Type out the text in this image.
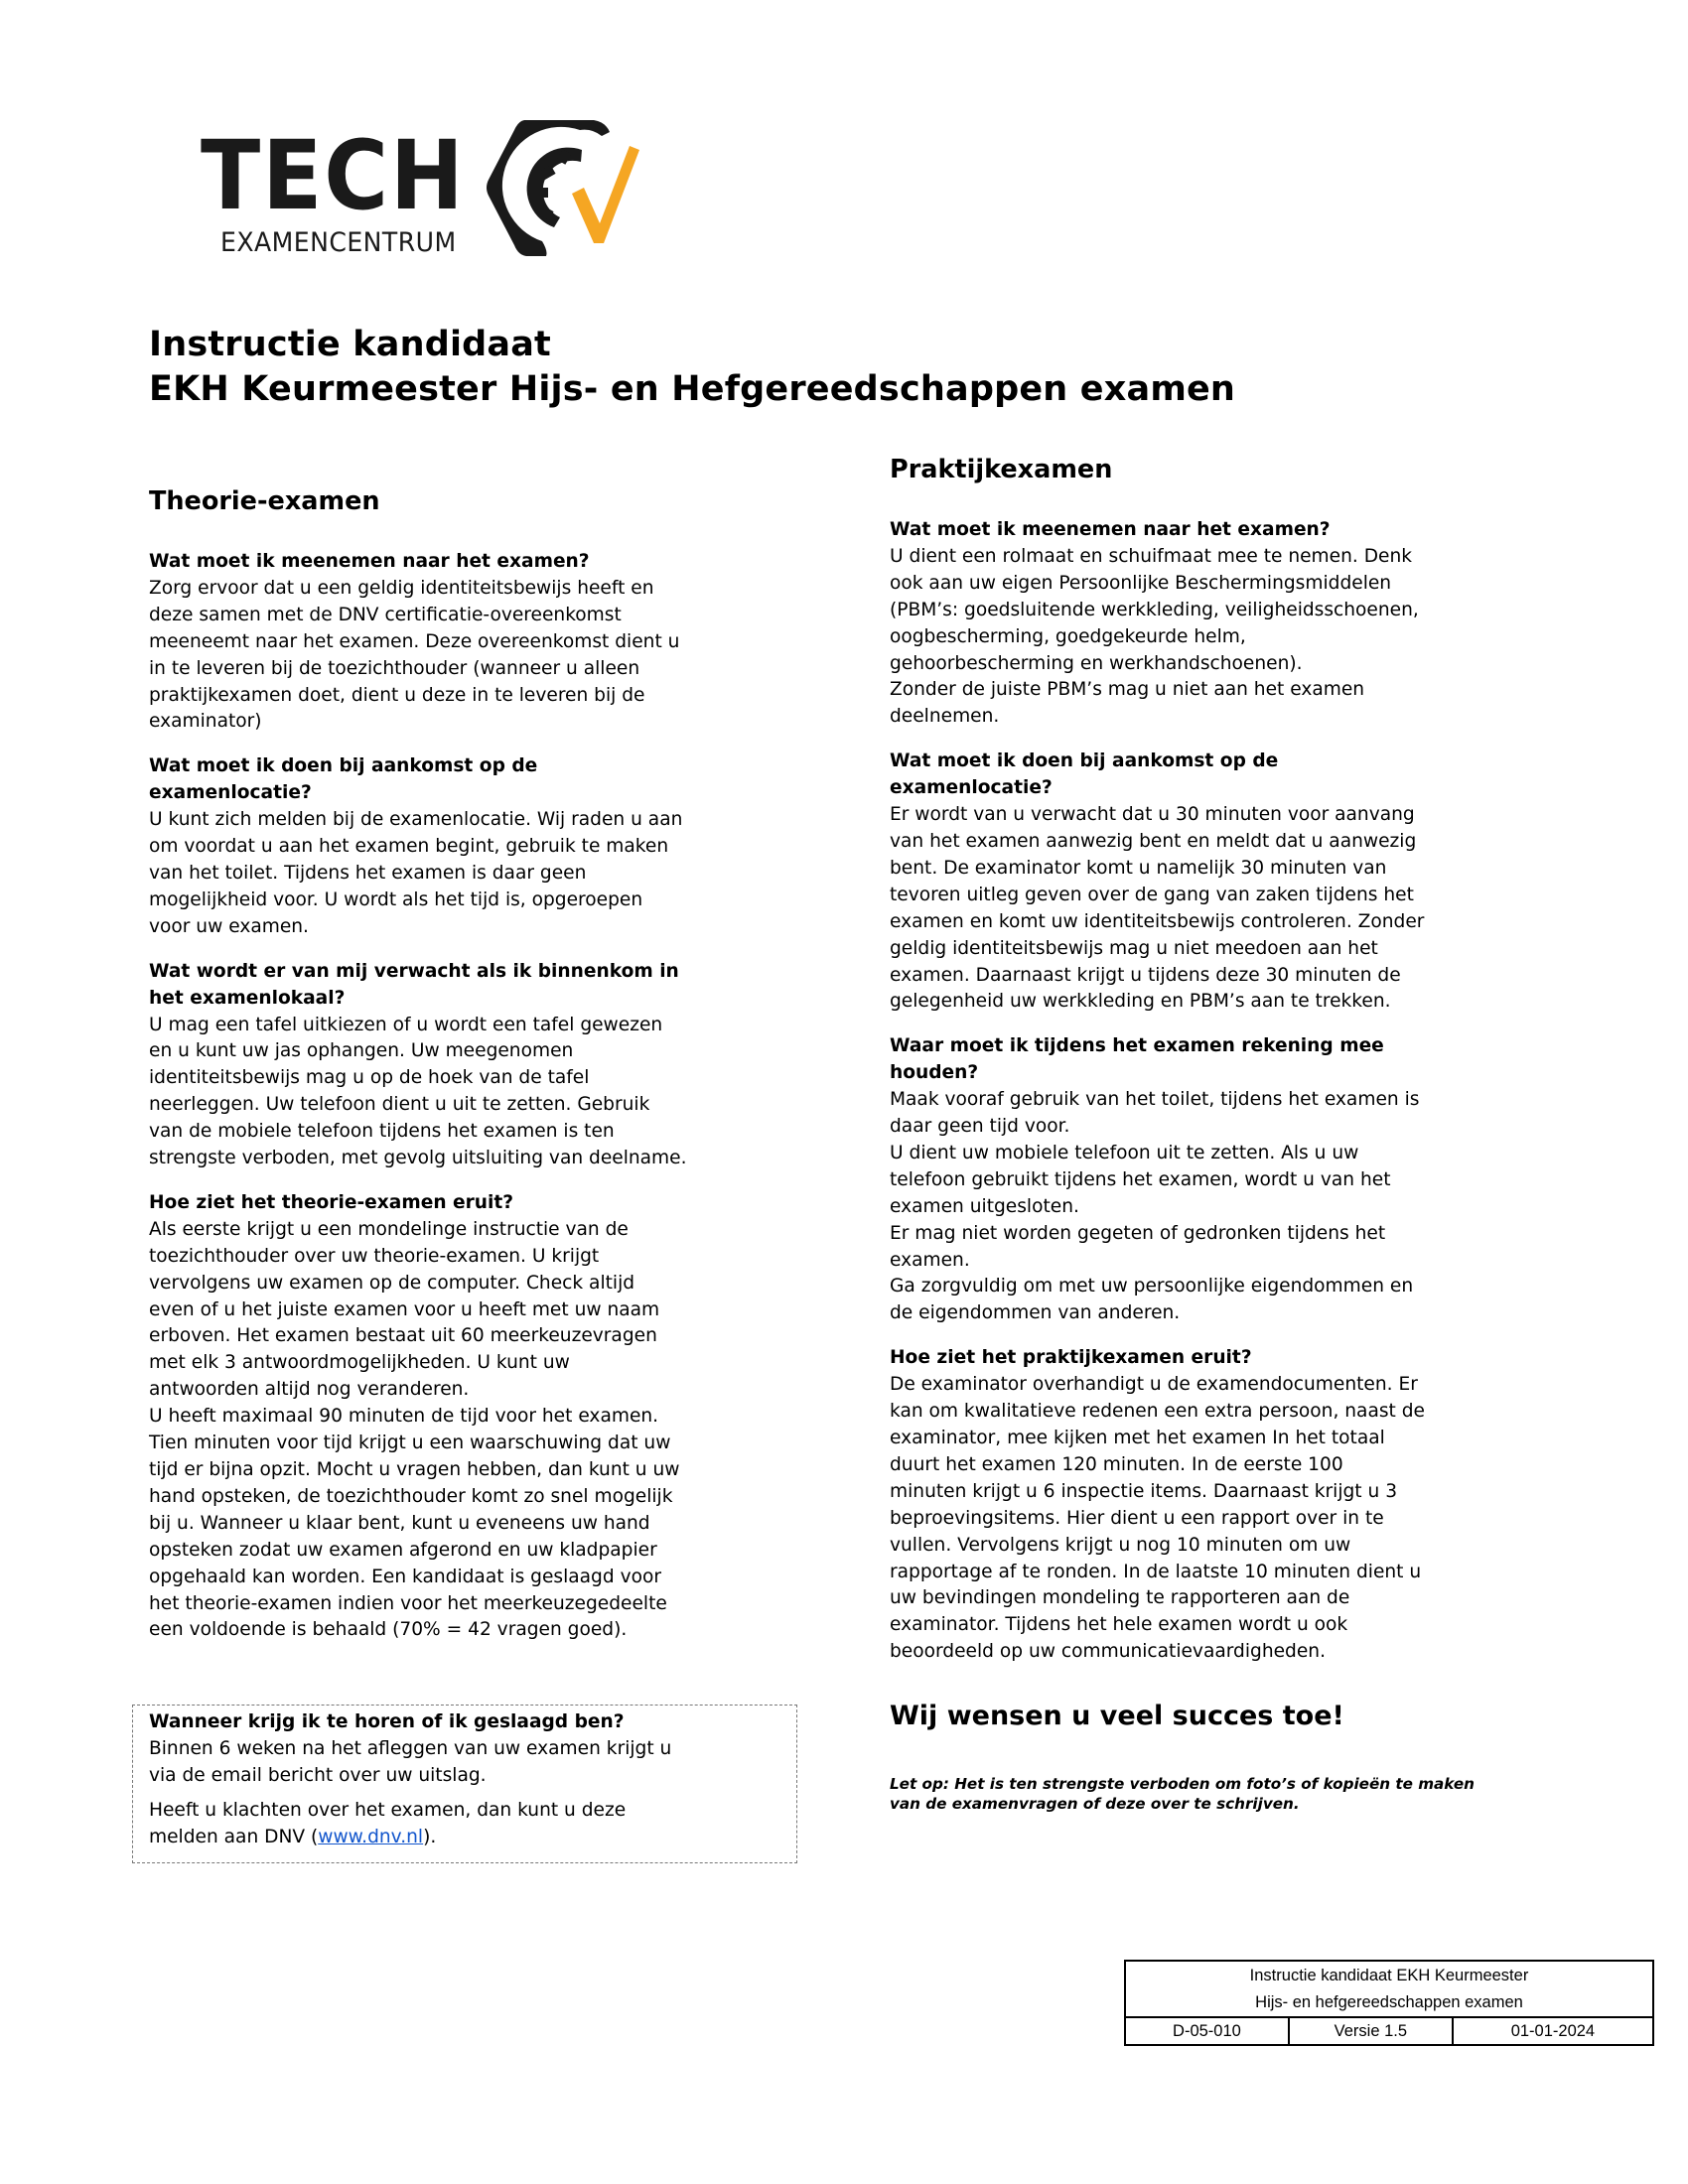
TECH
EXAMENCENTRUM
Instructie kandidaat
EKH Keurmeester Hijs- en Hefgereedschappen examen
Theorie-examen
Wat moet ik meenemen naar het examen?
Zorg ervoor dat u een geldig identiteitsbewijs heeft en
deze samen met de DNV certificatie-overeenkomst
meeneemt naar het examen. Deze overeenkomst dient u
in te leveren bij de toezichthouder (wanneer u alleen
praktijkexamen doet, dient u deze in te leveren bij de
examinator)
Wat moet ik doen bij aankomst op de
examenlocatie?
U kunt zich melden bij de examenlocatie. Wij raden u aan
om voordat u aan het examen begint, gebruik te maken
van het toilet. Tijdens het examen is daar geen
mogelijkheid voor. U wordt als het tijd is, opgeroepen
voor uw examen.
Wat wordt er van mij verwacht als ik binnenkom in
het examenlokaal?
U mag een tafel uitkiezen of u wordt een tafel gewezen
en u kunt uw jas ophangen. Uw meegenomen
identiteitsbewijs mag u op de hoek van de tafel
neerleggen. Uw telefoon dient u uit te zetten. Gebruik
van de mobiele telefoon tijdens het examen is ten
strengste verboden, met gevolg uitsluiting van deelname.
Hoe ziet het theorie-examen eruit?
Als eerste krijgt u een mondelinge instructie van de
toezichthouder over uw theorie-examen. U krijgt
vervolgens uw examen op de computer. Check altijd
even of u het juiste examen voor u heeft met uw naam
erboven. Het examen bestaat uit 60 meerkeuzevragen
met elk 3 antwoordmogelijkheden. U kunt uw
antwoorden altijd nog veranderen.
U heeft maximaal 90 minuten de tijd voor het examen.
Tien minuten voor tijd krijgt u een waarschuwing dat uw
tijd er bijna opzit. Mocht u vragen hebben, dan kunt u uw
hand opsteken, de toezichthouder komt zo snel mogelijk
bij u. Wanneer u klaar bent, kunt u eveneens uw hand
opsteken zodat uw examen afgerond en uw kladpapier
opgehaald kan worden. Een kandidaat is geslaagd voor
het theorie-examen indien voor het meerkeuzegedeelte
een voldoende is behaald (70% = 42 vragen goed).
Wanneer krijg ik te horen of ik geslaagd ben?
Binnen 6 weken na het afleggen van uw examen krijgt u
via de email bericht over uw uitslag.
Heeft u klachten over het examen, dan kunt u deze
melden aan DNV (www.dnv.nl).
Praktijkexamen
Wat moet ik meenemen naar het examen?
U dient een rolmaat en schuifmaat mee te nemen. Denk
ook aan uw eigen Persoonlijke Beschermingsmiddelen
(PBM’s: goedsluitende werkkleding, veiligheidsschoenen,
oogbescherming, goedgekeurde helm,
gehoorbescherming en werkhandschoenen).
Zonder de juiste PBM’s mag u niet aan het examen
deelnemen.
Wat moet ik doen bij aankomst op de
examenlocatie?
Er wordt van u verwacht dat u 30 minuten voor aanvang
van het examen aanwezig bent en meldt dat u aanwezig
bent. De examinator komt u namelijk 30 minuten van
tevoren uitleg geven over de gang van zaken tijdens het
examen en komt uw identiteitsbewijs controleren. Zonder
geldig identiteitsbewijs mag u niet meedoen aan het
examen. Daarnaast krijgt u tijdens deze 30 minuten de
gelegenheid uw werkkleding en PBM’s aan te trekken.
Waar moet ik tijdens het examen rekening mee
houden?
Maak vooraf gebruik van het toilet, tijdens het examen is
daar geen tijd voor.
U dient uw mobiele telefoon uit te zetten. Als u uw
telefoon gebruikt tijdens het examen, wordt u van het
examen uitgesloten.
Er mag niet worden gegeten of gedronken tijdens het
examen.
Ga zorgvuldig om met uw persoonlijke eigendommen en
de eigendommen van anderen.
Hoe ziet het praktijkexamen eruit?
De examinator overhandigt u de examendocumenten. Er
kan om kwalitatieve redenen een extra persoon, naast de
examinator, mee kijken met het examen In het totaal
duurt het examen 120 minuten. In de eerste 100
minuten krijgt u 6 inspectie items. Daarnaast krijgt u 3
beproevingsitems. Hier dient u een rapport over in te
vullen. Vervolgens krijgt u nog 10 minuten om uw
rapportage af te ronden. In de laatste 10 minuten dient u
uw bevindingen mondeling te rapporteren aan de
examinator. Tijdens het hele examen wordt u ook
beoordeeld op uw communicatievaardigheden.
Wij wensen u veel succes toe!
Let op: Het is ten strengste verboden om foto’s of kopieën te maken
van de examenvragen of deze over te schrijven.
Instructie kandidaat EKH Keurmeester
Hijs- en hefgereedschappen examen

D-05-010	Versie 1.5	01-01-2024
